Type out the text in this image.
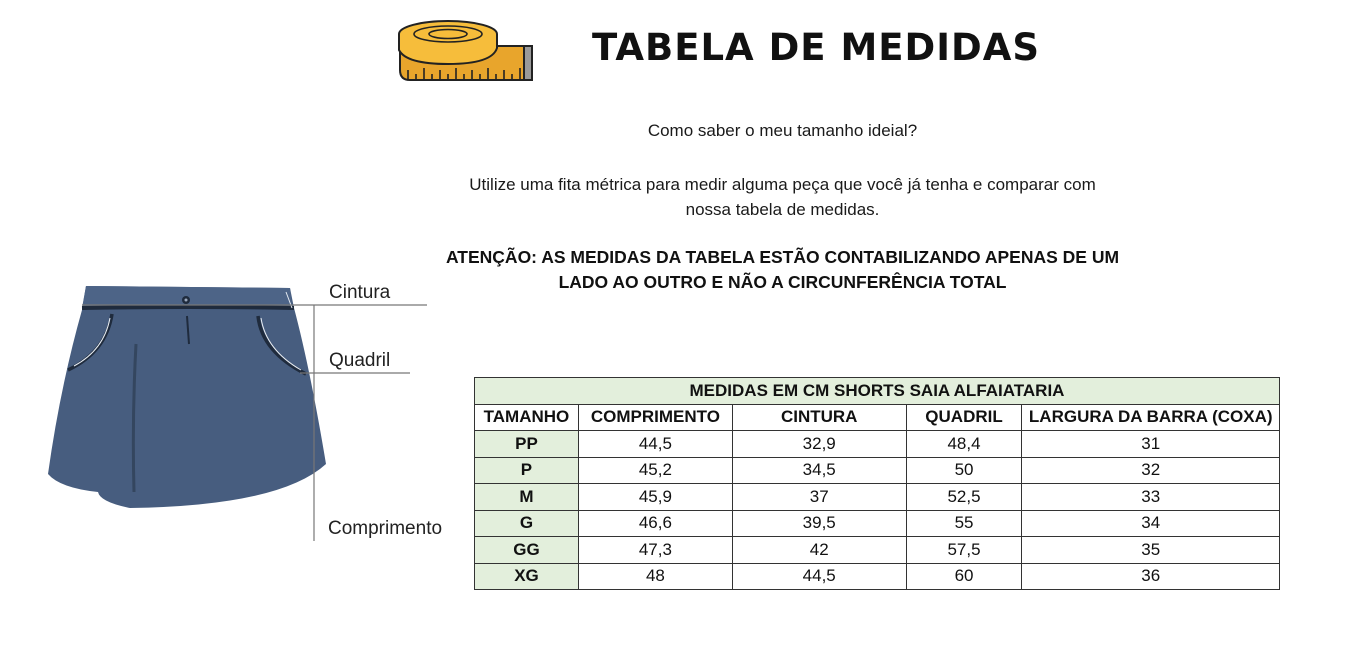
TABELA DE MEDIDAS
Como saber o meu tamanho ideial?
Utilize uma fita métrica para medir alguma peça que você já tenha e comparar com
nossa tabela de medidas.
ATENÇÃO: AS MEDIDAS DA TABELA ESTÃO CONTABILIZANDO APENAS DE UM
LADO AO OUTRO E NÃO A CIRCUNFERÊNCIA TOTAL
Cintura
Quadril
Comprimento
MEDIDAS EM CM SHORTS SAIA ALFAIATARIA				
TAMANHO	COMPRIMENTO	CINTURA	QUADRIL	LARGURA DA BARRA (COXA)
PP	44,5	32,9	48,4	31
P	45,2	34,5	50	32
M	45,9	37	52,5	33
G	46,6	39,5	55	34
GG	47,3	42	57,5	35
XG	48	44,5	60	36
